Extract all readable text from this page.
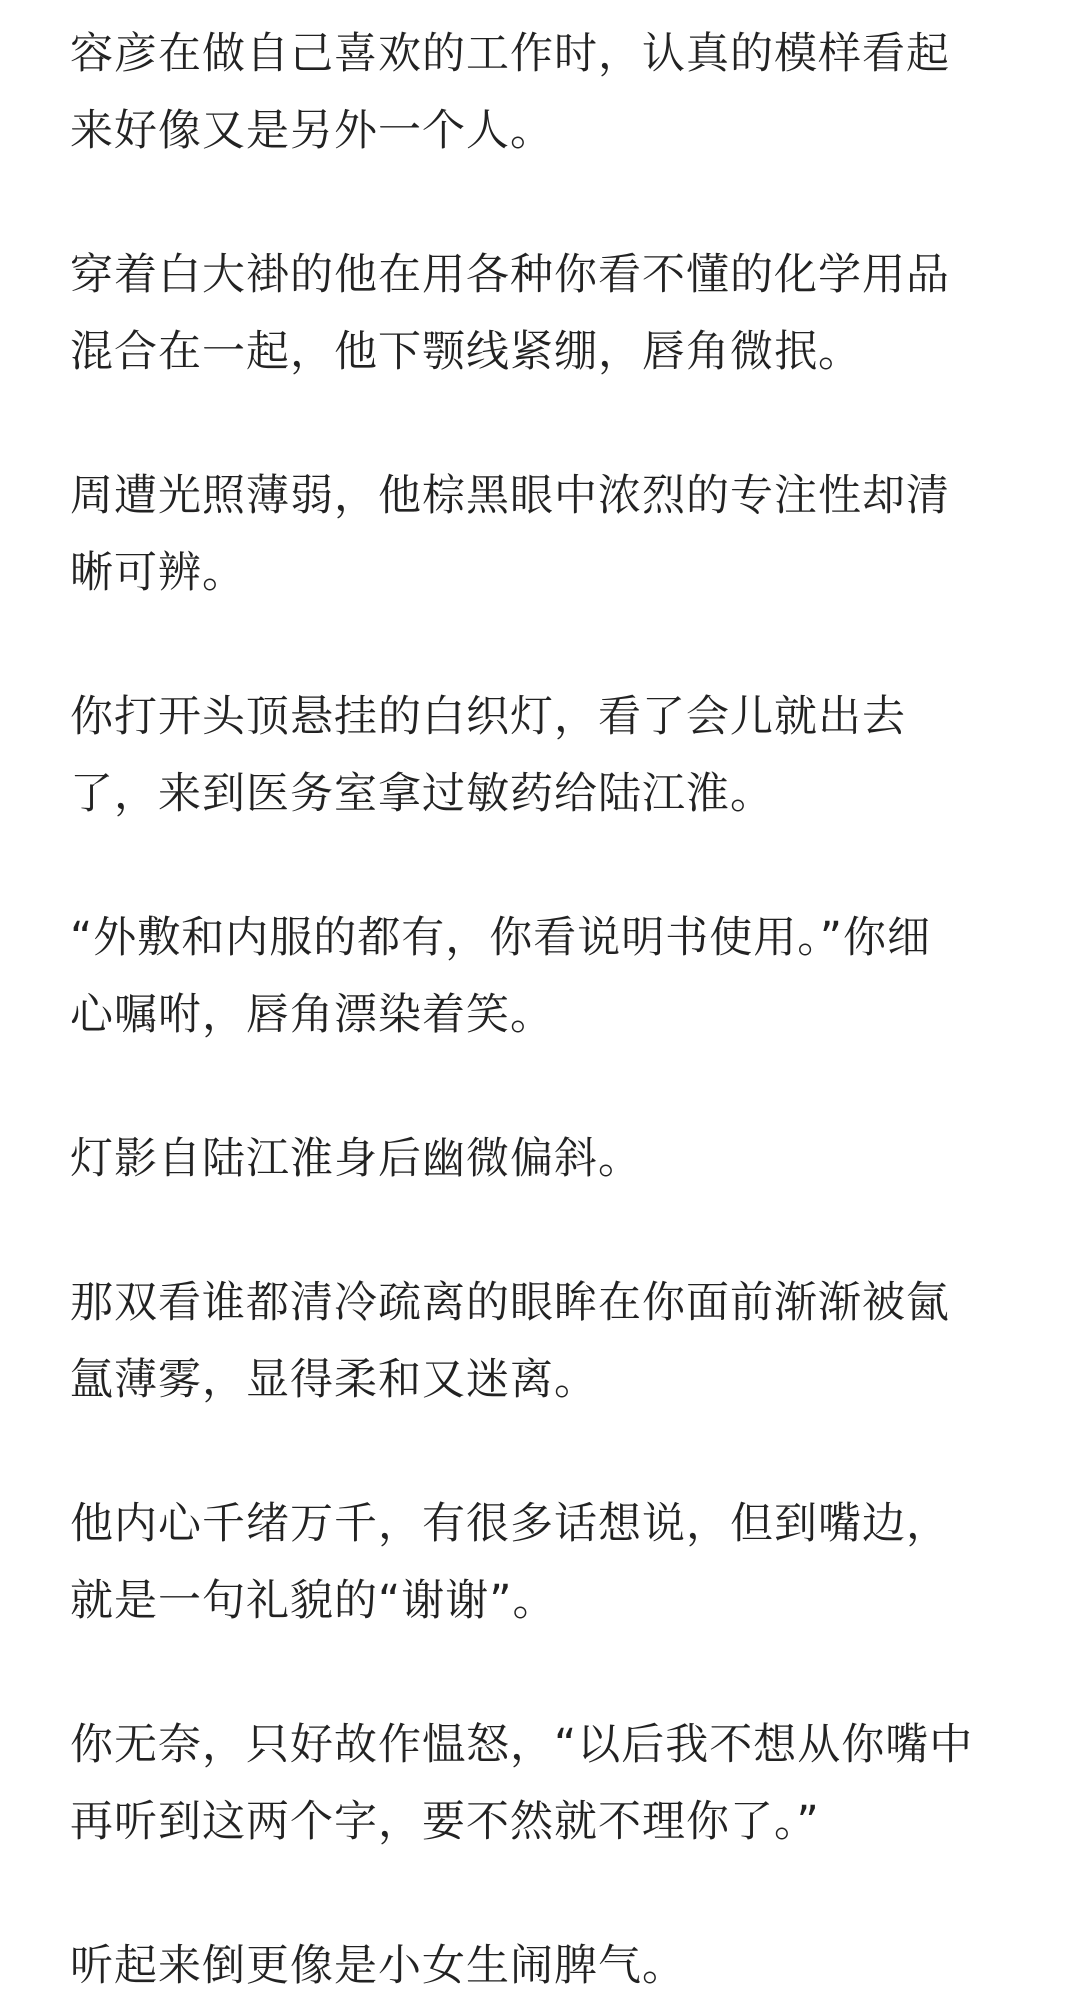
容彦在做自己喜欢的工作时，认真的模样看起
来好像又是另外一个人。

穿着白大褂的他在用各种你看不懂的化学用品
混合在一起，他下颚线紧绷，唇角微抿。

周遭光照薄弱，他棕黑眼中浓烈的专注性却清
晰可辨。

你打开头顶悬挂的白织灯，看了会儿就出去
了，来到医务室拿过敏药给陆江淮。

“外敷和内服的都有，你看说明书使用。”你细
心嘱咐，唇角漂染着笑。

灯影自陆江淮身后幽微偏斜。

那双看谁都清冷疏离的眼眸在你面前渐渐被氤
氲薄雾，显得柔和又迷离。

他内心千绪万千，有很多话想说，但到嘴边，
就是一句礼貌的“谢谢”。

你无奈，只好故作愠怒，“以后我不想从你嘴中
再听到这两个字，要不然就不理你了。”

听起来倒更像是小女生闹脾气。
